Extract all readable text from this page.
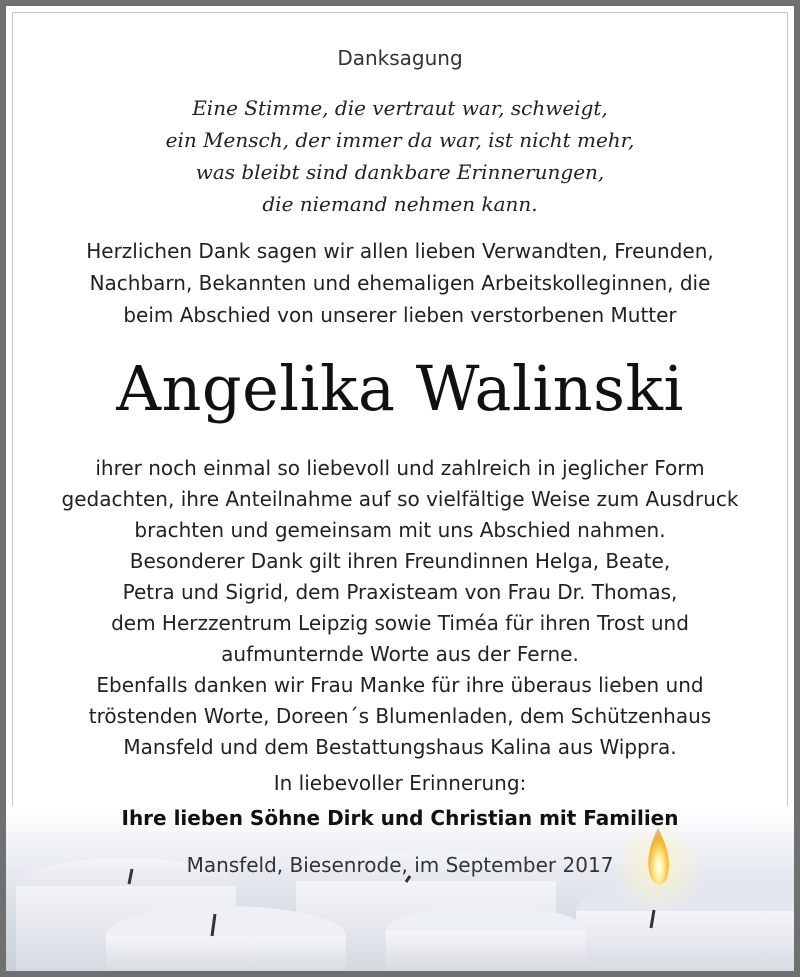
Danksagung
Eine Stimme, die vertraut war, schweigt,
ein Mensch, der immer da war, ist nicht mehr,
was bleibt sind dankbare Erinnerungen,
die niemand nehmen kann.
Herzlichen Dank sagen wir allen lieben Verwandten, Freunden,
Nachbarn, Bekannten und ehemaligen Arbeitskolleginnen, die
beim Abschied von unserer lieben verstorbenen Mutter
Angelika Walinski
ihrer noch einmal so liebevoll und zahlreich in jeglicher Form
gedachten, ihre Anteilnahme auf so vielfältige Weise zum Ausdruck
brachten und gemeinsam mit uns Abschied nahmen.
Besonderer Dank gilt ihren Freundinnen Helga, Beate,
Petra und Sigrid, dem Praxisteam von Frau Dr. Thomas,
dem Herzzentrum Leipzig sowie Timéa für ihren Trost und
aufmunternde Worte aus der Ferne.
Ebenfalls danken wir Frau Manke für ihre überaus lieben und
tröstenden Worte, Doreen´s Blumenladen, dem Schützenhaus
Mansfeld und dem Bestattungshaus Kalina aus Wippra.
In liebevoller Erinnerung:
Ihre lieben Söhne Dirk und Christian mit Familien
Mansfeld, Biesenrode, im September 2017
